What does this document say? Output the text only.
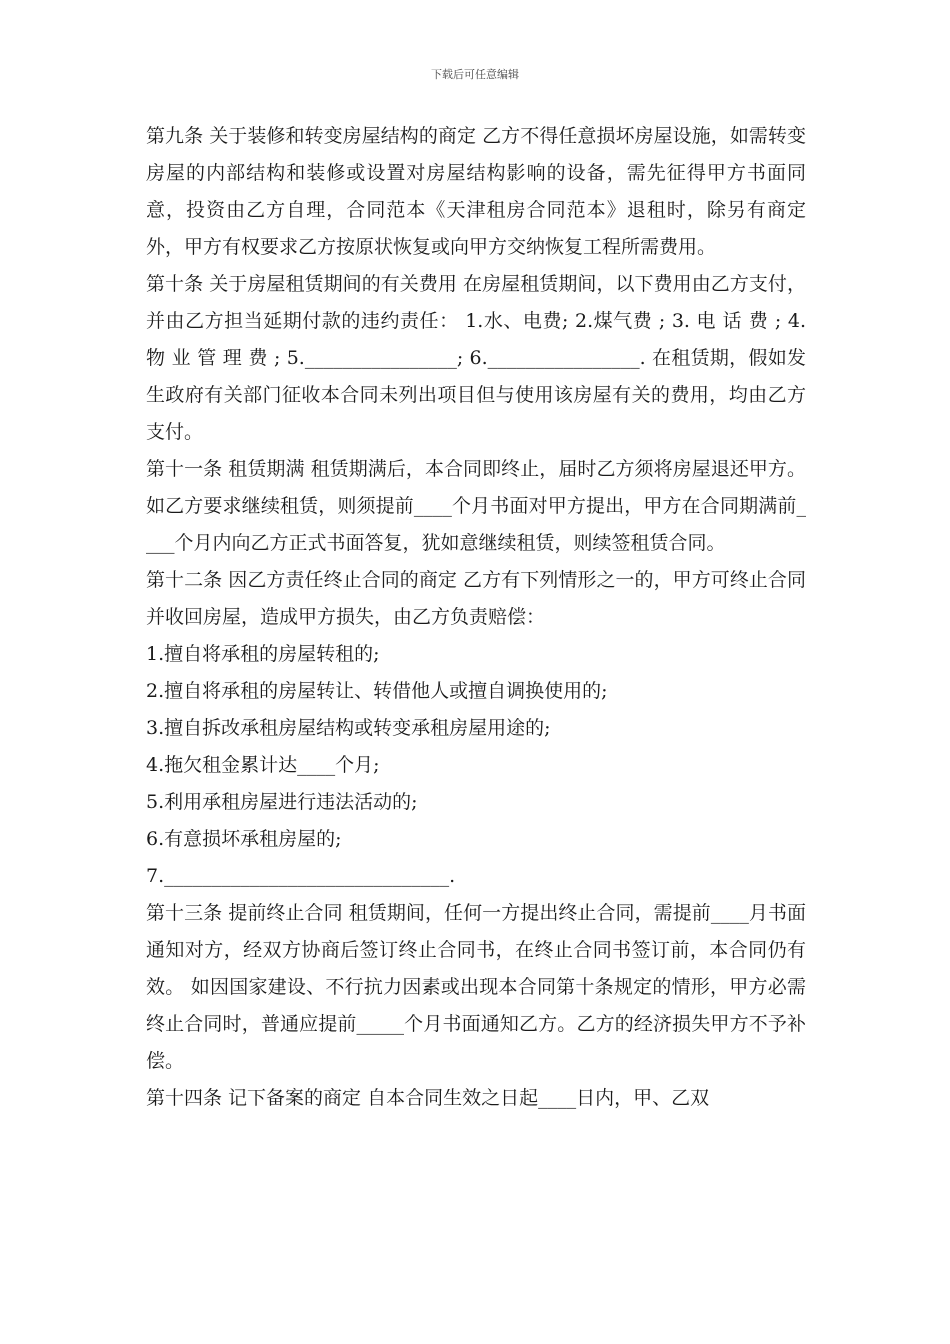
下载后可任意编辑

第九条 关于装修和转变房屋结构的商定 乙方不得任意损坏房屋设施，如需转变房屋的内部结构和装修或设置对房屋结构影响的设备，需先征得甲方书面同意，投资由乙方自理，合同范本《天津租房合同范本》退租时，除另有商定外，甲方有权要求乙方按原状恢复或向甲方交纳恢复工程所需费用。

第十条 关于房屋租赁期间的有关费用 在房屋租赁期间，以下费用由乙方支付，并由乙方担当延期付款的违约责任： 1.水、电费; 2.煤气费 ; 3. 电 话 费 ; 4. 物 业 管 理 费 ; 5.________________; 6.________________. 在租赁期，假如发生政府有关部门征收本合同未列出项目但与使用该房屋有关的费用，均由乙方支付。

第十一条 租赁期满 租赁期满后，本合同即终止，届时乙方须将房屋退还甲方。如乙方要求继续租赁，则须提前____个月书面对甲方提出，甲方在合同期满前____个月内向乙方正式书面答复，犹如意继续租赁，则续签租赁合同。

第十二条 因乙方责任终止合同的商定 乙方有下列情形之一的，甲方可终止合同并收回房屋，造成甲方损失，由乙方负责赔偿：

1.擅自将承租的房屋转租的;

2.擅自将承租的房屋转让、转借他人或擅自调换使用的;

3.擅自拆改承租房屋结构或转变承租房屋用途的;

4.拖欠租金累计达____个月;

5.利用承租房屋进行违法活动的;

6.有意损坏承租房屋的;

7.______________________________.

第十三条 提前终止合同 租赁期间，任何一方提出终止合同，需提前____月书面通知对方，经双方协商后签订终止合同书，在终止合同书签订前，本合同仍有效。 如因国家建设、不行抗力因素或出现本合同第十条规定的情形，甲方必需终止合同时，普通应提前_____个月书面通知乙方。乙方的经济损失甲方不予补偿。

第十四条 记下备案的商定 自本合同生效之日起____日内，甲、乙双
